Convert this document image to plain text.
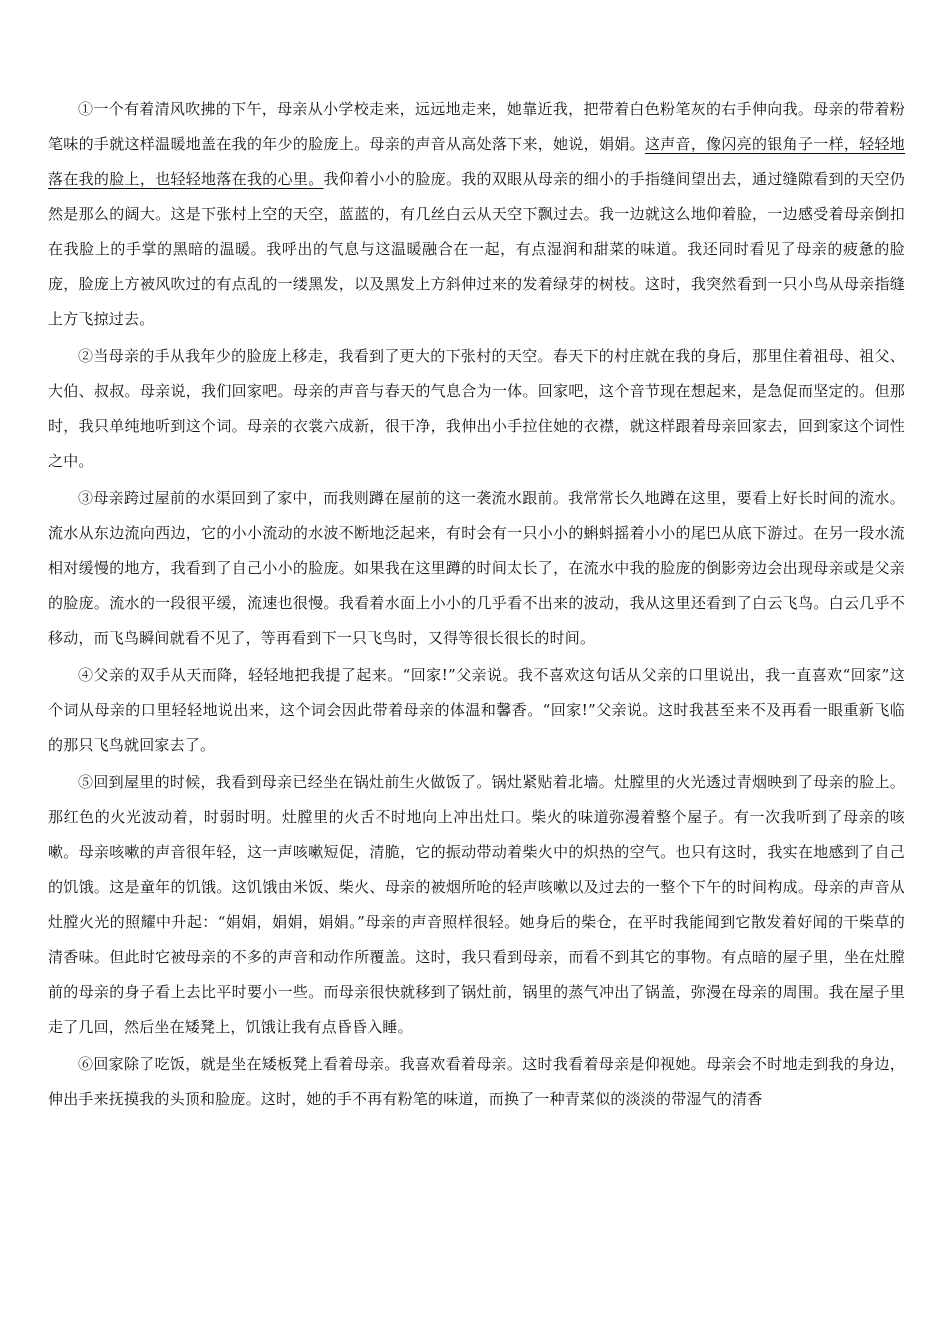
①一个有着清风吹拂的下午，母亲从小学校走来，远远地走来，她靠近我，把带着白色粉笔灰的右手伸向我。母亲的带着粉笔味的手就这样温暖地盖在我的年少的脸庞上。母亲的声音从高处落下来，她说，娟娟。这声音，像闪亮的银角子一样，轻轻地落在我的脸上，也轻轻地落在我的心里。我仰着小小的脸庞。我的双眼从母亲的细小的手指缝间望出去，通过缝隙看到的天空仍然是那么的阔大。这是下张村上空的天空，蓝蓝的，有几丝白云从天空下飘过去。我一边就这么地仰着脸，一边感受着母亲倒扣在我脸上的手掌的黑暗的温暖。我呼出的气息与这温暖融合在一起，有点湿润和甜菜的味道。我还同时看见了母亲的疲惫的脸庞，脸庞上方被风吹过的有点乱的一缕黑发，以及黑发上方斜伸过来的发着绿芽的树枝。这时，我突然看到一只小鸟从母亲指缝上方飞掠过去。

②当母亲的手从我年少的脸庞上移走，我看到了更大的下张村的天空。春天下的村庄就在我的身后，那里住着祖母、祖父、大伯、叔叔。母亲说，我们回家吧。母亲的声音与春天的气息合为一体。回家吧，这个音节现在想起来，是急促而坚定的。但那时，我只单纯地听到这个词。母亲的衣裳六成新，很干净，我伸出小手拉住她的衣襟，就这样跟着母亲回家去，回到家这个词性之中。

③母亲跨过屋前的水渠回到了家中，而我则蹲在屋前的这一袭流水跟前。我常常长久地蹲在这里，要看上好长时间的流水。流水从东边流向西边，它的小小流动的水波不断地泛起来，有时会有一只小小的蝌蚪摇着小小的尾巴从底下游过。在另一段水流相对缓慢的地方，我看到了自己小小的脸庞。如果我在这里蹲的时间太长了，在流水中我的脸庞的倒影旁边会出现母亲或是父亲的脸庞。流水的一段很平缓，流速也很慢。我看着水面上小小的几乎看不出来的波动，我从这里还看到了白云飞鸟。白云几乎不移动，而飞鸟瞬间就看不见了，等再看到下一只飞鸟时，又得等很长很长的时间。

④父亲的双手从天而降，轻轻地把我提了起来。“回家!”父亲说。我不喜欢这句话从父亲的口里说出，我一直喜欢“回家”这个词从母亲的口里轻轻地说出来，这个词会因此带着母亲的体温和馨香。“回家!”父亲说。这时我甚至来不及再看一眼重新飞临的那只飞鸟就回家去了。

⑤回到屋里的时候，我看到母亲已经坐在锅灶前生火做饭了。锅灶紧贴着北墙。灶膛里的火光透过青烟映到了母亲的脸上。那红色的火光波动着，时弱时明。灶膛里的火舌不时地向上冲出灶口。柴火的味道弥漫着整个屋子。有一次我听到了母亲的咳嗽。母亲咳嗽的声音很年轻，这一声咳嗽短促，清脆，它的振动带动着柴火中的炽热的空气。也只有这时，我实在地感到了自己的饥饿。这是童年的饥饿。这饥饿由米饭、柴火、母亲的被烟所呛的轻声咳嗽以及过去的一整个下午的时间构成。母亲的声音从灶膛火光的照耀中升起：“娟娟，娟娟，娟娟。”母亲的声音照样很轻。她身后的柴仓，在平时我能闻到它散发着好闻的干柴草的清香味。但此时它被母亲的不多的声音和动作所覆盖。这时，我只看到母亲，而看不到其它的事物。有点暗的屋子里，坐在灶膛前的母亲的身子看上去比平时要小一些。而母亲很快就移到了锅灶前，锅里的蒸气冲出了锅盖，弥漫在母亲的周围。我在屋子里走了几回，然后坐在矮凳上，饥饿让我有点昏昏入睡。

⑥回家除了吃饭，就是坐在矮板凳上看着母亲。我喜欢看着母亲。这时我看着母亲是仰视她。母亲会不时地走到我的身边，伸出手来抚摸我的头顶和脸庞。这时，她的手不再有粉笔的味道，而换了一种青菜似的淡淡的带湿气的清香
